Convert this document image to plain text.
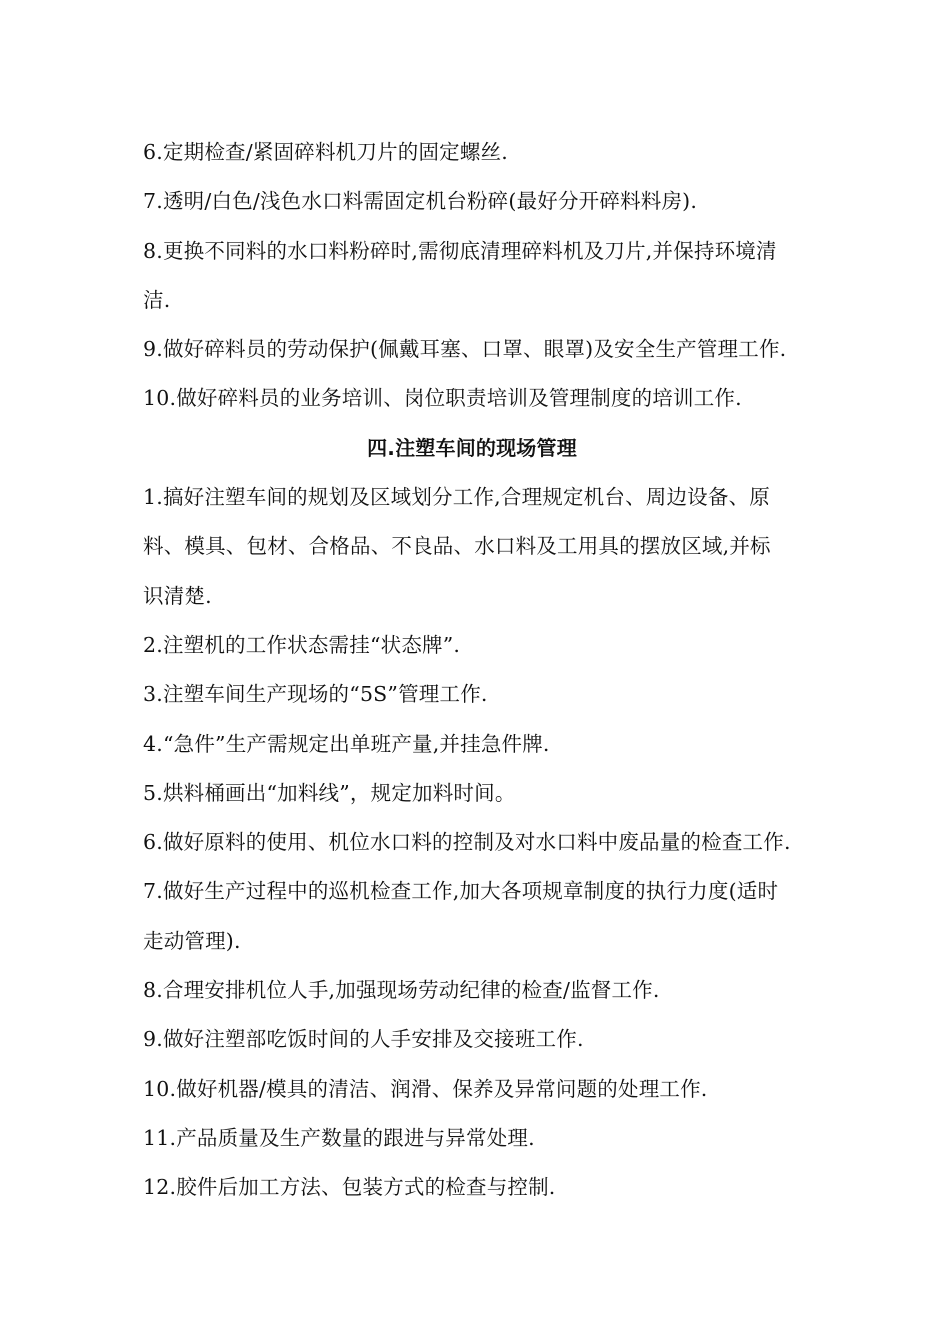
6.定期检查/紧固碎料机刀片的固定螺丝.
7.透明/白色/浅色水口料需固定机台粉碎(最好分开碎料料房).
8.更换不同料的水口料粉碎时,需彻底清理碎料机及刀片,并保持环境清
洁.
9.做好碎料员的劳动保护(佩戴耳塞、口罩、眼罩)及安全生产管理工作.
10.做好碎料员的业务培训、岗位职责培训及管理制度的培训工作.
四.注塑车间的现场管理
1.搞好注塑车间的规划及区域划分工作,合理规定机台、周边设备、原
料、模具、包材、合格品、不良品、水口料及工用具的摆放区域,并标
识清楚.
2.注塑机的工作状态需挂“状态牌”.
3.注塑车间生产现场的“5S”管理工作.
4.“急件”生产需规定出单班产量,并挂急件牌.
5.烘料桶画出“加料线”，规定加料时间。
6.做好原料的使用、机位水口料的控制及对水口料中废品量的检查工作.
7.做好生产过程中的巡机检查工作,加大各项规章制度的执行力度(适时
走动管理).
8.合理安排机位人手,加强现场劳动纪律的检查/监督工作.
9.做好注塑部吃饭时间的人手安排及交接班工作.
10.做好机器/模具的清洁、润滑、保养及异常问题的处理工作.
11.产品质量及生产数量的跟进与异常处理.
12.胶件后加工方法、包装方式的检查与控制.
